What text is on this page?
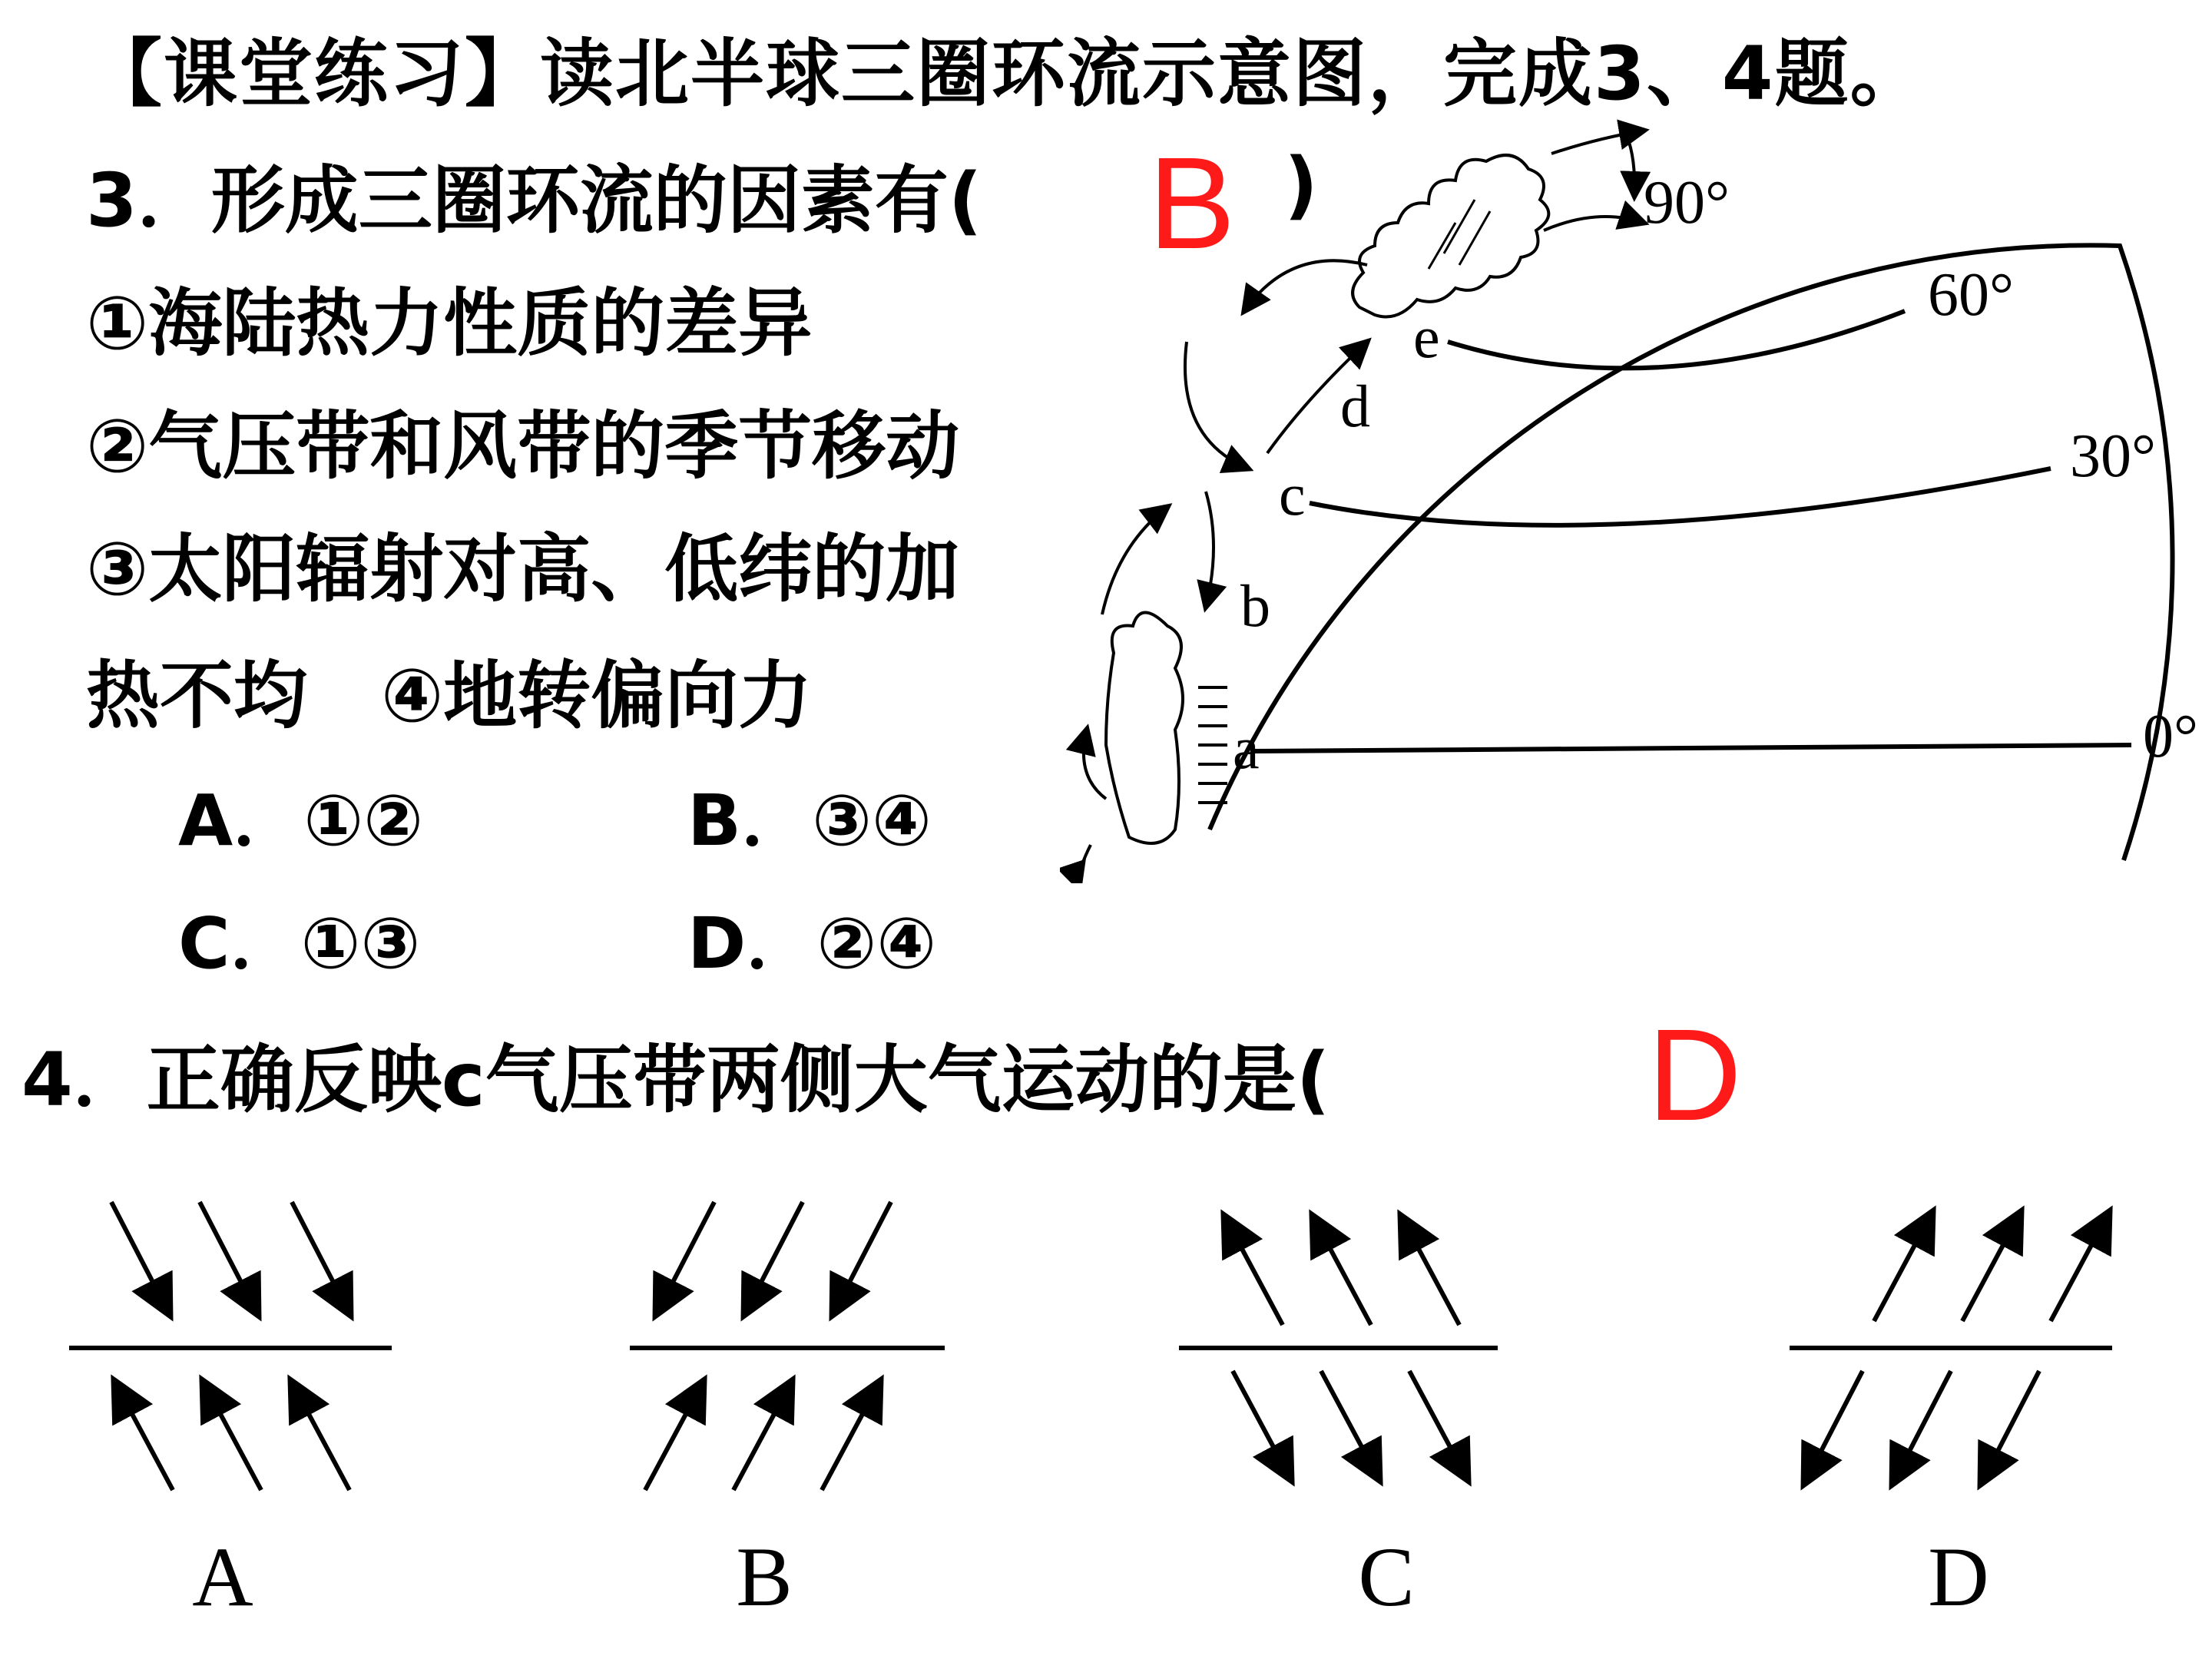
【课堂练习】读北半球三圈环流示意图，完成3、4题。
3．形成三圈环流的因素有( B )
①海陆热力性质的差异
②气压带和风带的季节移动
③太阳辐射对高、低纬的加
热不均　④地转偏向力
A．①②	B．③④
C．①③	D．②④
4．正确反映c气压带两侧大气运动的是( D
90°
60°
30°
0°
a
b
c
d
e
A	B	C	D
